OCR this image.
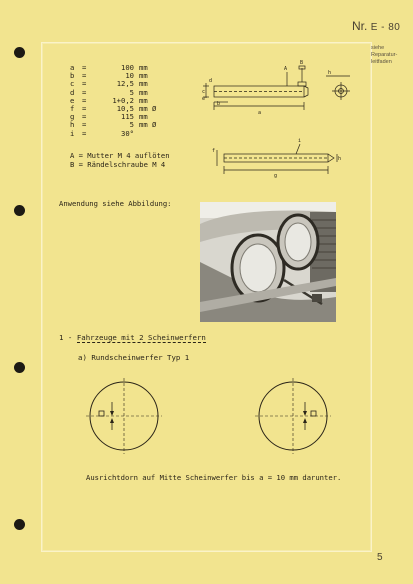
Nr. E - 80
siehe
Reparatur-
leitfaden
a	=	100 mm
b	=	10 mm
c	=	12,5 mm
d	=	5 mm
e	=	1+0,2 mm
f	=	10,5 mm Ø
g	=	115 mm
h	=	5 mm Ø
i	=	30°
A = Mutter M 4 auflöten
B = Rändelschraube M 4
d
c
e
A
B
b
a
h
f
i
h
g
Anwendung siehe Abbildung:
1 - Fahrzeuge mit 2 Scheinwerfern
a) Rundscheinwerfer Typ 1
Ausrichtdorn auf Mitte Scheinwerfer bis a = 10 mm darunter.
5
